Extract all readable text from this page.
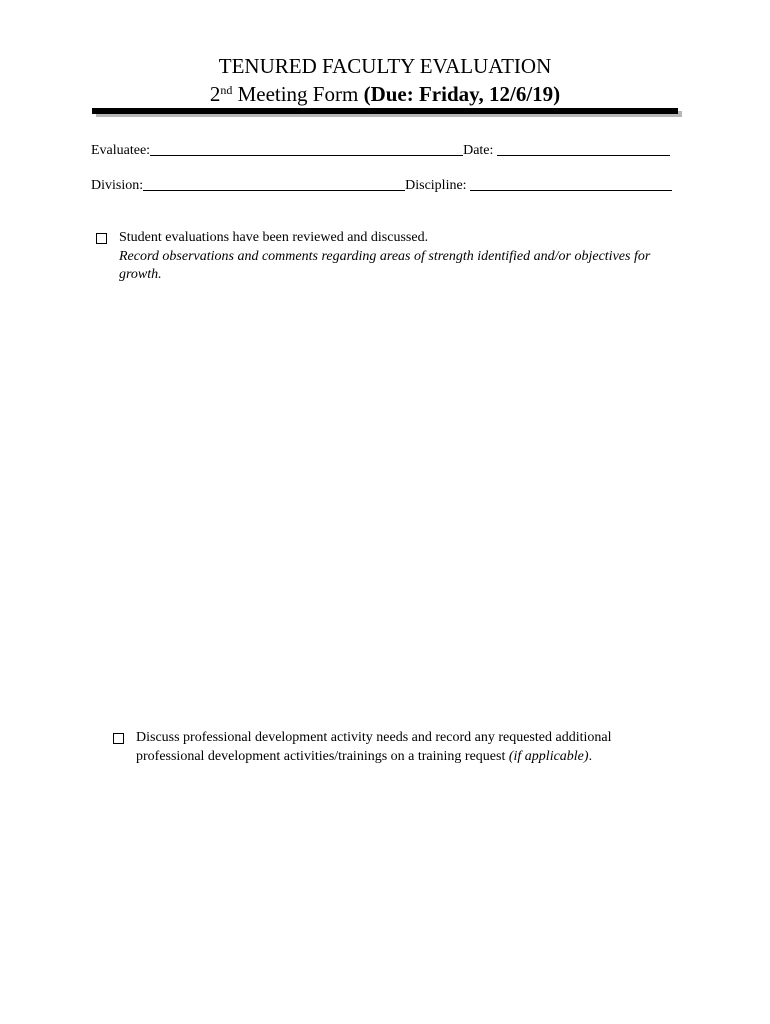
TENURED FACULTY EVALUATION
2nd Meeting Form (Due: Friday, 12/6/19)
Evaluatee:	Date:
Division:	Discipline:
Student evaluations have been reviewed and discussed.
Record observations and comments regarding areas of strength identified and/or objectives for growth.
Discuss professional development activity needs and record any requested additional professional development activities/trainings on a training request (if applicable).
